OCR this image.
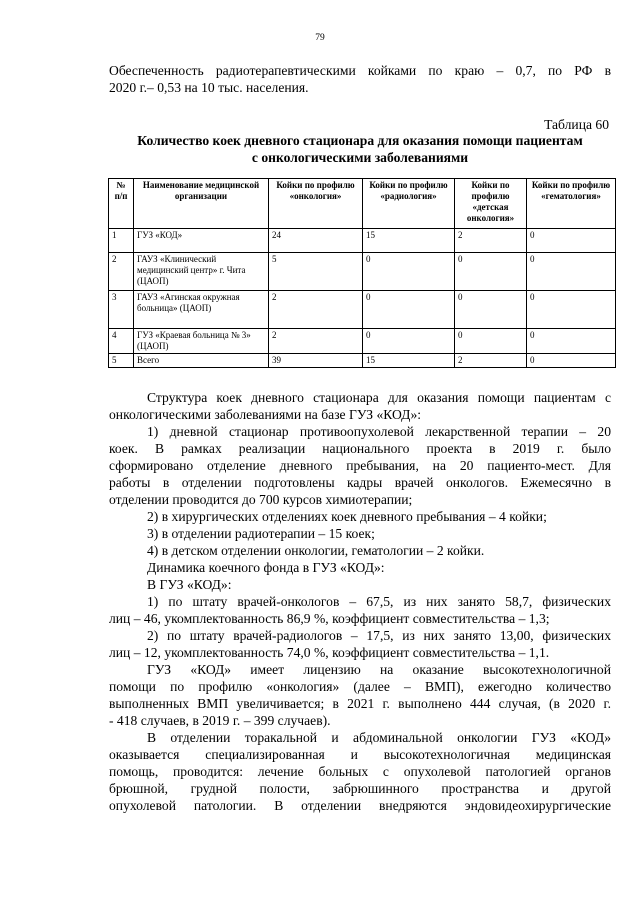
79

Обеспеченность радиотерапевтическими койками по краю – 0,7, по РФ в
2020 г.– 0,53 на 10 тыс. населения.

Таблица 60
Количество коек дневного стационара для оказания помощи пациентам
с онкологическими заболеваниями
№ п/п	Наименование медицинской организации	Койки по профилю «онкология»	Койки по профилю «радиология»	Койки по профилю «детская онкология»	Койки по профилю «гематология»
1	ГУЗ «КОД»	24	15	2	0
2	ГАУЗ «Клинический медицинский центр» г. Чита (ЦАОП)	5	0	0	0
3	ГАУЗ «Агинская окружная больница» (ЦАОП)	2	0	0	0
4	ГУЗ «Краевая больница № 3» (ЦАОП)	2	0	0	0
5	Всего	39	15	2	0

Структура коек дневного стационара для оказания помощи пациентам с
онкологическими заболеваниями на базе ГУЗ «КОД»:

1) дневной стационар противоопухолевой лекарственной терапии – 20
коек. В рамках реализации национального проекта в 2019 г. было
сформировано отделение дневного пребывания, на 20 пациенто-мест. Для
работы в отделении подготовлены кадры врачей онкологов. Ежемесячно в
отделении проводится до 700 курсов химиотерапии;

2) в хирургических отделениях коек дневного пребывания – 4 койки;

3) в отделении радиотерапии – 15 коек;

4) в детском отделении онкологии, гематологии – 2 койки.

Динамика коечного фонда в ГУЗ «КОД»:

В ГУЗ «КОД»:

1) по штату врачей-онкологов – 67,5, из них занято 58,7, физических
лиц – 46, укомплектованность 86,9 %, коэффициент совместительства – 1,3;

2) по штату врачей-радиологов – 17,5, из них занято 13,00, физических
лиц – 12, укомплектованность 74,0 %, коэффициент совместительства – 1,1.

ГУЗ «КОД» имеет лицензию на оказание высокотехнологичной
помощи по профилю «онкология» (далее – ВМП), ежегодно количество
выполненных ВМП увеличивается; в 2021 г. выполнено 444 случая, (в 2020 г.
- 418 случаев, в 2019 г. – 399 случаев).

В отделении торакальной и абдоминальной онкологии ГУЗ «КОД»
оказывается специализированная и высокотехнологичная медицинская
помощь, проводится: лечение больных с опухолевой патологией органов
брюшной, грудной полости, забрюшинного пространства и другой
опухолевой патологии. В отделении внедряются эндовидеохирургические
